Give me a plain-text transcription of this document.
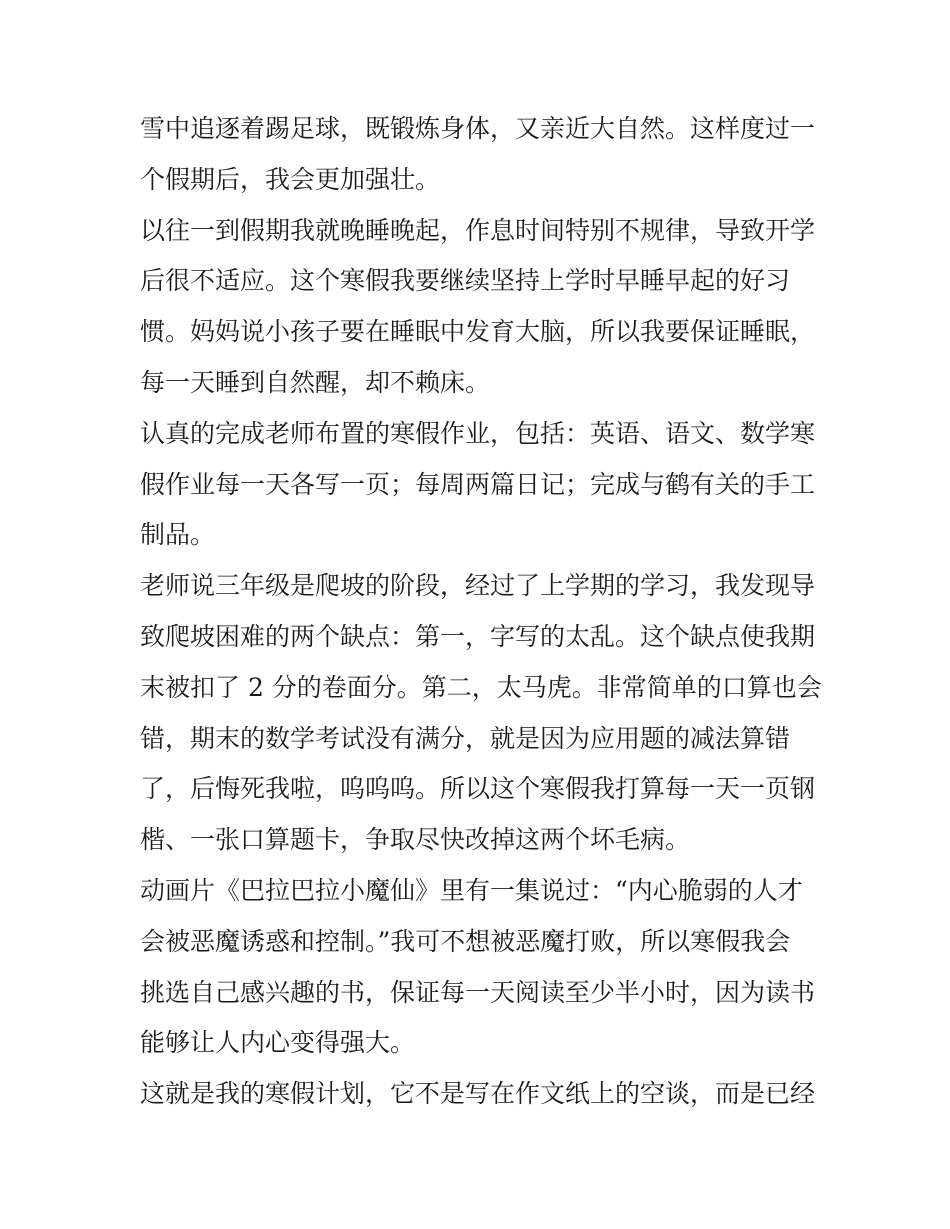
雪中追逐着踢足球，既锻炼身体，又亲近大自然。这样度过一
个假期后，我会更加强壮。
以往一到假期我就晚睡晚起，作息时间特别不规律，导致开学
后很不适应。这个寒假我要继续坚持上学时早睡早起的好习
惯。妈妈说小孩子要在睡眠中发育大脑，所以我要保证睡眠，
每一天睡到自然醒，却不赖床。
认真的完成老师布置的寒假作业，包括：英语、语文、数学寒
假作业每一天各写一页；每周两篇日记；完成与鹤有关的手工
制品。
老师说三年级是爬坡的阶段，经过了上学期的学习，我发现导
致爬坡困难的两个缺点：第一，字写的太乱。这个缺点使我期
末被扣了 2 分的卷面分。第二，太马虎。非常简单的口算也会
错，期末的数学考试没有满分，就是因为应用题的减法算错
了，后悔死我啦，呜呜呜。所以这个寒假我打算每一天一页钢
楷、一张口算题卡，争取尽快改掉这两个坏毛病。
动画片《巴拉巴拉小魔仙》里有一集说过：“内心脆弱的人才
会被恶魔诱惑和控制。”我可不想被恶魔打败，所以寒假我会
挑选自己感兴趣的书，保证每一天阅读至少半小时，因为读书
能够让人内心变得强大。
这就是我的寒假计划，它不是写在作文纸上的空谈，而是已经
